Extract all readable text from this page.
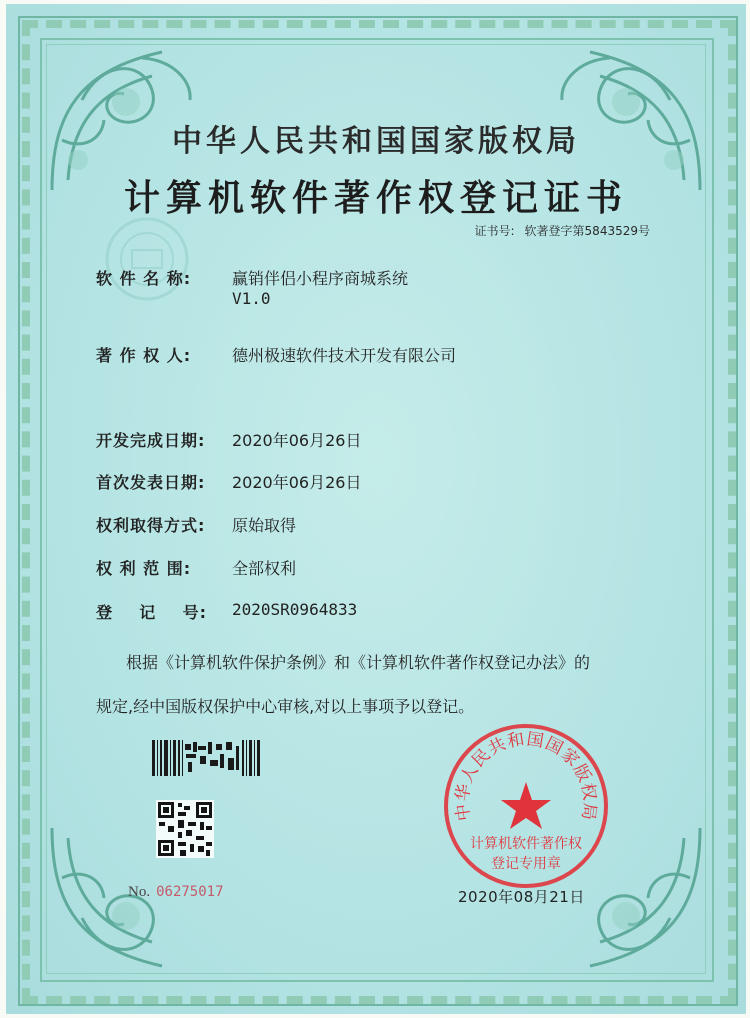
中华人民共和国国家版权局
计算机软件著作权登记证书
证书号: 软著登字第5843529号
软 件 名 称:	赢销伴侣小程序商城系统
V1.0
著 作 权 人:	德州极速软件技术开发有限公司
开发完成日期: 2020年06月26日
首次发表日期: 2020年06月26日
权利取得方式: 原始取得
权 利 范 围:	全部权利
登    记    号: 2020SR0964833
根据《计算机软件保护条例》和《计算机软件著作权登记办法》的
规定,经中国版权保护中心审核,对以上事项予以登记。
No. 06275017
中华人民共和国国家版权局
计算机软件著作权
登记专用章
2020年08月21日
